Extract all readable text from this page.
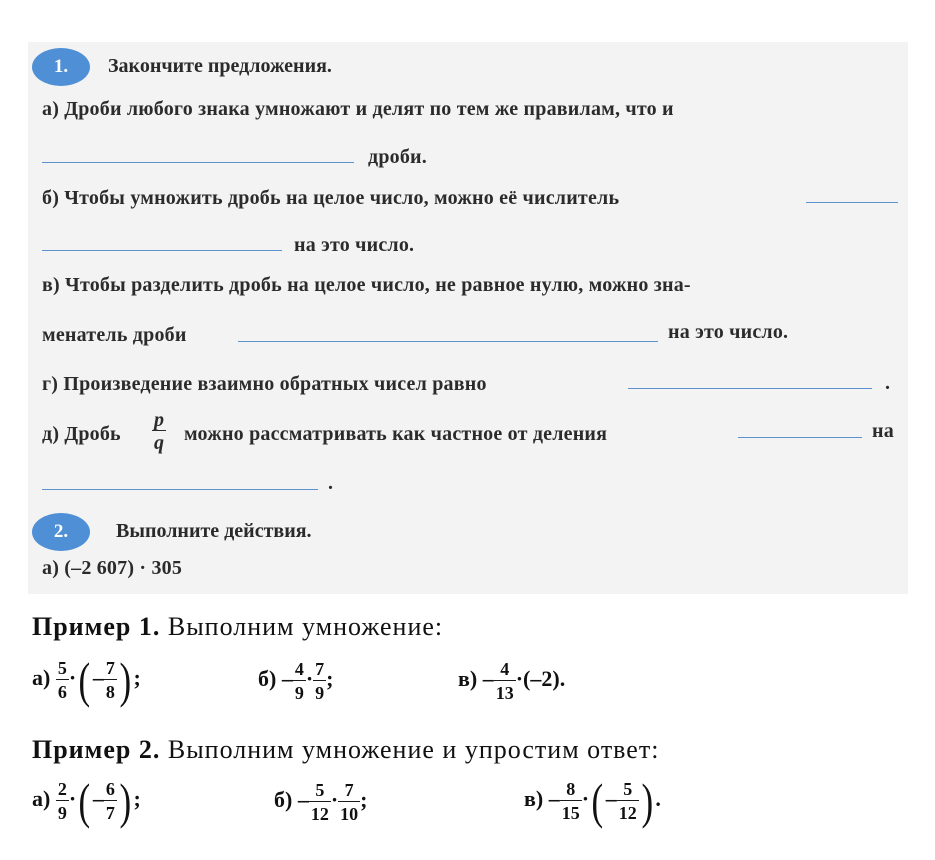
1.	Закончите предложения.
а) Дроби любого знака умножают и делят по тем же правилам, что и
дроби.
б) Чтобы умножить дробь на целое число, можно её числитель
на это число.
в) Чтобы разделить дробь на целое число, не равное нулю, можно зна-
менатель дроби	на это число.
г) Произведение взаимно обратных чисел равно	.
д) Дробь $\frac{p}{q}$ можно рассматривать как частное от деления	на
.
2.	Выполните действия.
а) (–2 607) · 305
Пример 1. Выполним умножение:
$а) \frac{5}{6}$ ·( – $\frac{7}{8}$ ) ;	$б) - \frac{4}{9} \cdot \frac{7}{9}$ ;	$в) - \frac{4}{13} \cdot(-2)$.
Пример 2. Выполним умножение и упростим ответ:
$а) \frac{2}{9}$ ·( – $\frac{6}{7}$ ) ;	$б) - \frac{5}{12} \cdot \frac{7}{10}$ ;	$в) - \frac{8}{15}$ ·( – $\frac{5}{12}$ ) .
